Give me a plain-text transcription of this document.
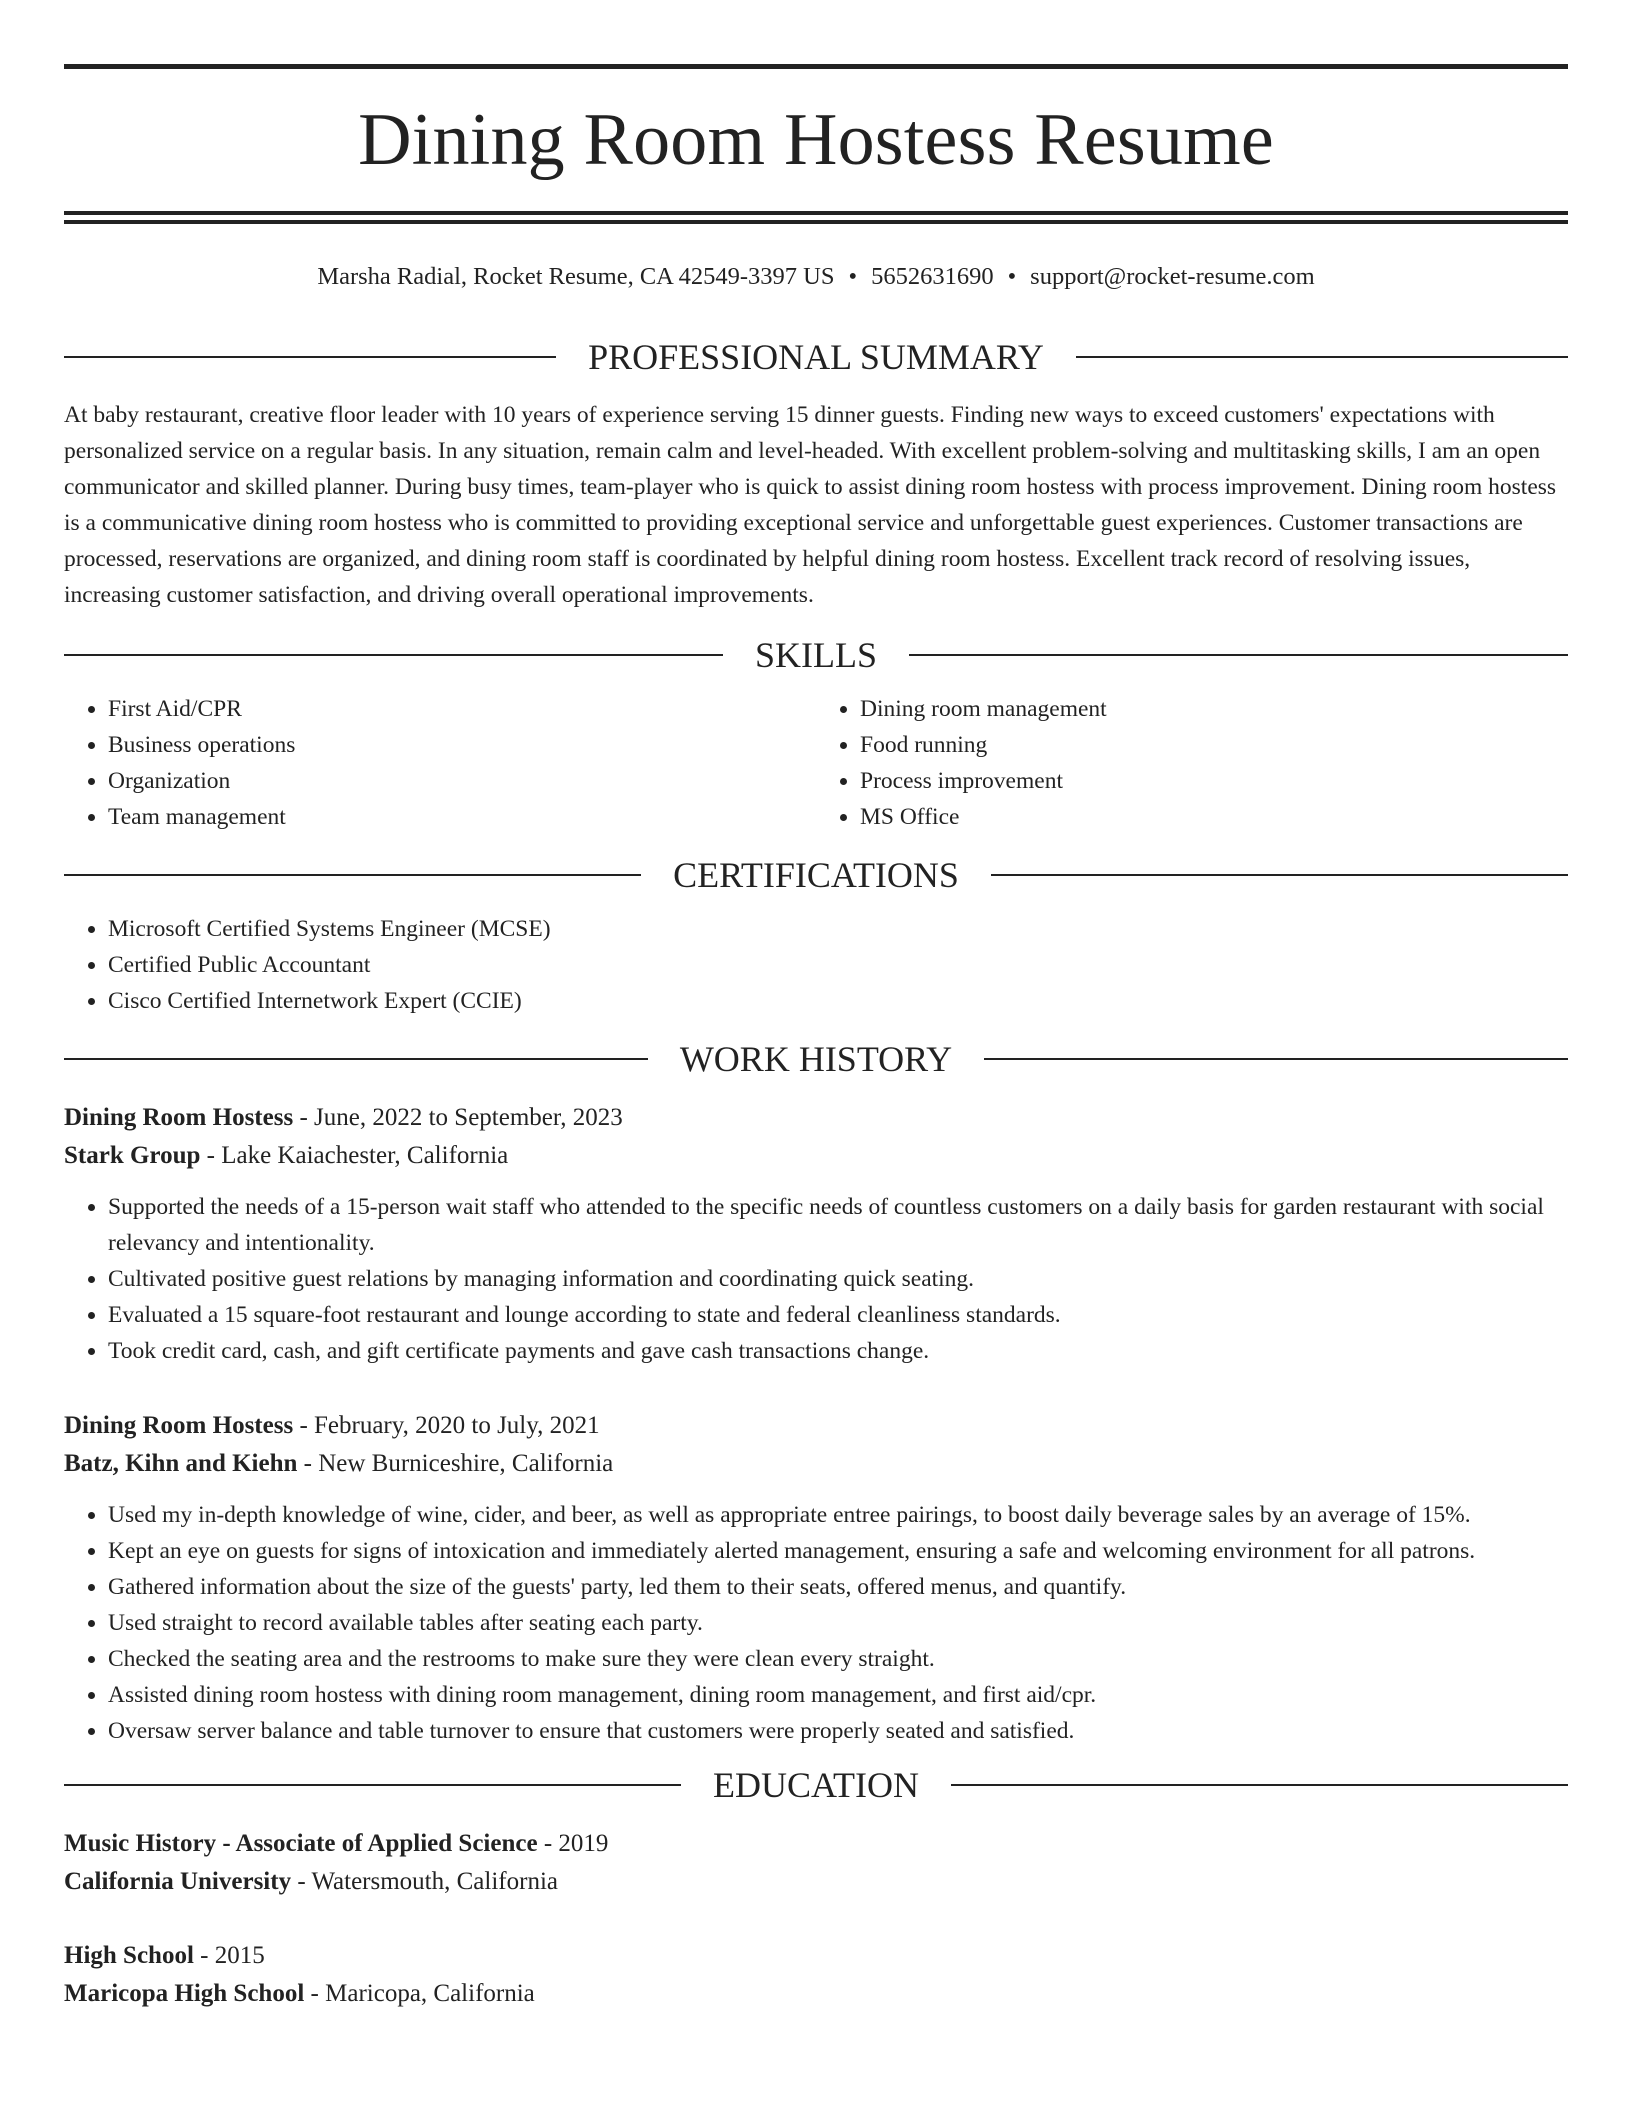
Dining Room Hostess Resume
Marsha Radial, Rocket Resume, CA 42549-3397 US • 5652631690 • support@rocket-resume.com
PROFESSIONAL SUMMARY

At baby restaurant, creative floor leader with 10 years of experience serving 15 dinner guests. Finding new ways to exceed customers' expectations with personalized service on a regular basis. In any situation, remain calm and level-headed. With excellent problem-solving and multitasking skills, I am an open communicator and skilled planner. During busy times, team-player who is quick to assist dining room hostess with process improvement. Dining room hostess is a communicative dining room hostess who is committed to providing exceptional service and unforgettable guest experiences. Customer transactions are processed, reservations are organized, and dining room staff is coordinated by helpful dining room hostess. Excellent track record of resolving issues, increasing customer satisfaction, and driving overall operational improvements.

SKILLS
• First Aid/CPR
• Business operations
• Organization
• Team management
• Dining room management
• Food running
• Process improvement
• MS Office
CERTIFICATIONS
• Microsoft Certified Systems Engineer (MCSE)
• Certified Public Accountant
• Cisco Certified Internetwork Expert (CCIE)
WORK HISTORY
Dining Room Hostess - June, 2022 to September, 2023
Stark Group - Lake Kaiachester, California
• Supported the needs of a 15-person wait staff who attended to the specific needs of countless customers on a daily basis for garden restaurant with social relevancy and intentionality.
• Cultivated positive guest relations by managing information and coordinating quick seating.
• Evaluated a 15 square-foot restaurant and lounge according to state and federal cleanliness standards.
• Took credit card, cash, and gift certificate payments and gave cash transactions change.
Dining Room Hostess - February, 2020 to July, 2021
Batz, Kihn and Kiehn - New Burniceshire, California
• Used my in-depth knowledge of wine, cider, and beer, as well as appropriate entree pairings, to boost daily beverage sales by an average of 15%.
• Kept an eye on guests for signs of intoxication and immediately alerted management, ensuring a safe and welcoming environment for all patrons.
• Gathered information about the size of the guests' party, led them to their seats, offered menus, and quantify.
• Used straight to record available tables after seating each party.
• Checked the seating area and the restrooms to make sure they were clean every straight.
• Assisted dining room hostess with dining room management, dining room management, and first aid/cpr.
• Oversaw server balance and table turnover to ensure that customers were properly seated and satisfied.
EDUCATION
Music History - Associate of Applied Science - 2019
California University - Watersmouth, California
High School - 2015
Maricopa High School - Maricopa, California
